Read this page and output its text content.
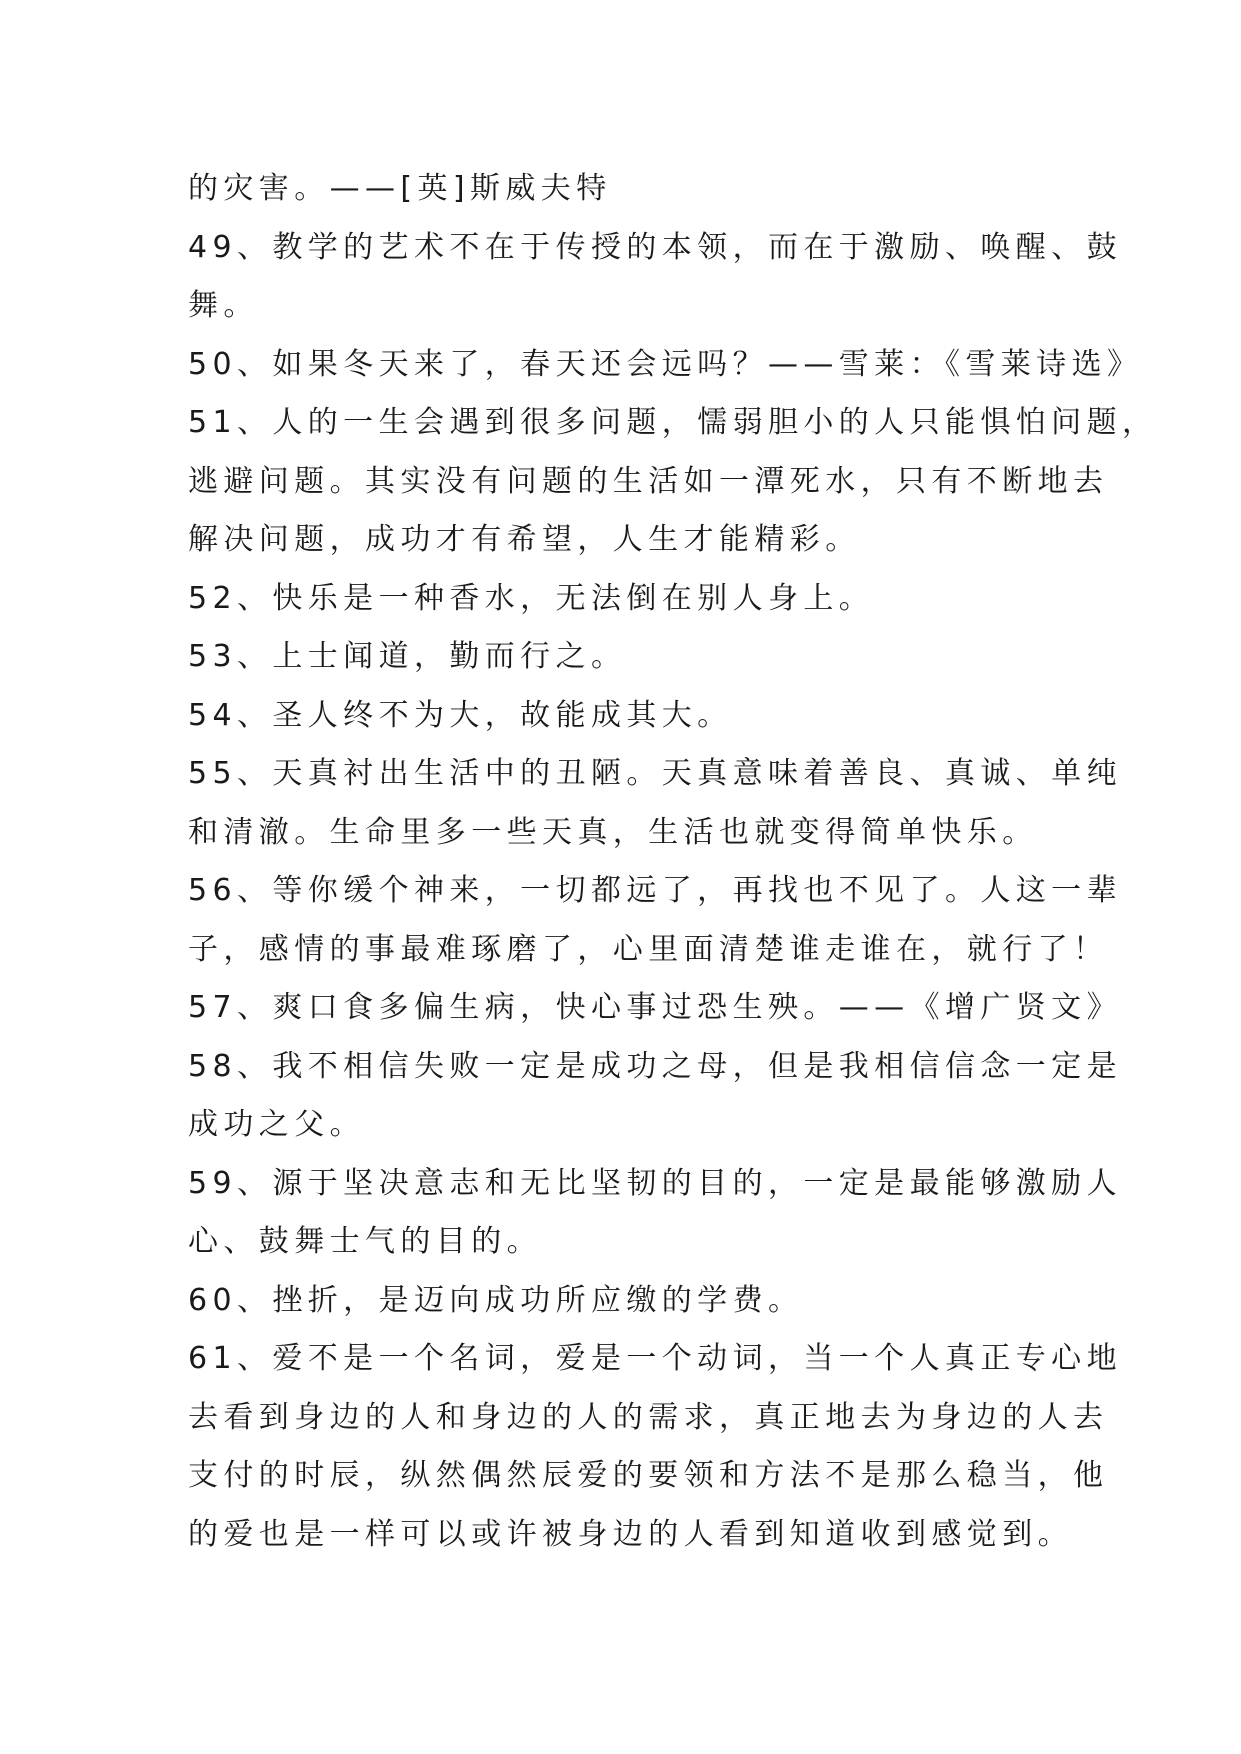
的灾害。——[英]斯威夫特
49、教学的艺术不在于传授的本领，而在于激励、唤醒、鼓
舞。
50、如果冬天来了，春天还会远吗？——雪莱：《雪莱诗选》
51、人的一生会遇到很多问题，懦弱胆小的人只能惧怕问题，
逃避问题。其实没有问题的生活如一潭死水，只有不断地去
解决问题，成功才有希望，人生才能精彩。
52、快乐是一种香水，无法倒在别人身上。
53、上士闻道，勤而行之。
54、圣人终不为大，故能成其大。
55、天真衬出生活中的丑陋。天真意味着善良、真诚、单纯
和清澈。生命里多一些天真，生活也就变得简单快乐。
56、等你缓个神来，一切都远了，再找也不见了。人这一辈
子，感情的事最难琢磨了，心里面清楚谁走谁在，就行了！
57、爽口食多偏生病，快心事过恐生殃。——《增广贤文》
58、我不相信失败一定是成功之母，但是我相信信念一定是
成功之父。
59、源于坚决意志和无比坚韧的目的，一定是最能够激励人
心、鼓舞士气的目的。
60、挫折，是迈向成功所应缴的学费。
61、爱不是一个名词，爱是一个动词，当一个人真正专心地
去看到身边的人和身边的人的需求，真正地去为身边的人去
支付的时辰，纵然偶然辰爱的要领和方法不是那么稳当，他
的爱也是一样可以或许被身边的人看到知道收到感觉到。
